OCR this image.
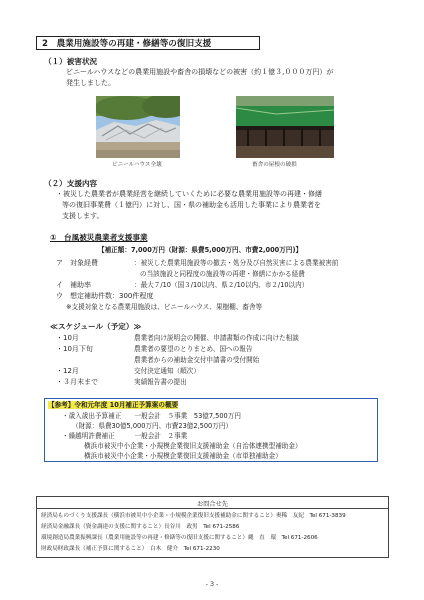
2　農業用施設等の再建・修繕等の復旧支援
（１）被害状況
ビニールハウスなどの農業用施設や畜舎の損壊などの被害（約１億３,０００万円）が
発生しました。
ビニールハウス全壊	畜舎の屋根の破損
（２）支援内容
・被災した農業者が農業経営を継続していくために必要な農業用施設等の再建・修繕
等の復旧事業費（１億円）に対し、国・県の補助金も活用した事業により農業者を
支援します。
①　台風被災農業者支援事業
【補正額：7,000万円（財源：県費5,000万円、市費2,000万円)】
ア　対象経費	：被災した農業用施設等の撤去・処分及び自然災害による農業被害前
の当該施設と同程度の施設等の再建・修繕にかかる経費
イ　補助率	：最大７/10（国３/10以内、県２/10以内、市２/10以内）
ウ　想定補助件数：300件程度
※支援対象となる農業用施設は、ビニールハウス、果樹棚、畜舎等
≪スケジュール（予定）≫
・10月	農業者向け説明会の開催、申請書類の作成に向けた相談
・10月下旬	農業者の要望のとりまとめ、国への報告
農業者からの補助金交付申請書の受付開始
・12月	交付決定通知（順次）
・３月末まで	実績報告書の提出
【参考】令和元年度 10月補正予算案の概要
・歳入歳出予算補正　　一般会計　５事業　53億7,500万円
（財源：県費30億5,000万円、市費23億2,500万円）
・繰越明許費補正　　　一般会計　２事業
横浜市被災中小企業・小規模企業復旧支援補助金（自治体連携型補助金）
横浜市被災中小企業・小規模企業復旧支援補助金（市単独補助金）
お問合せ先
経済局ものづくり支援課長（横浜市被災中小企業・小規模企業復旧支援補助金に関すること）奥稀　友紀　Tel 671-3839
経済局金融課長（資金調達の支援に関すること）長谷川　政男　Tel 671-2586
環境創造局農業振興課長（農業用施設等の再建・修繕等の復旧支援に関すること）縄　直　環　Tel 671-2606
財政局財政課長（補正予算に関すること）　白木　健介　Tel 671-2230
- 3 -
